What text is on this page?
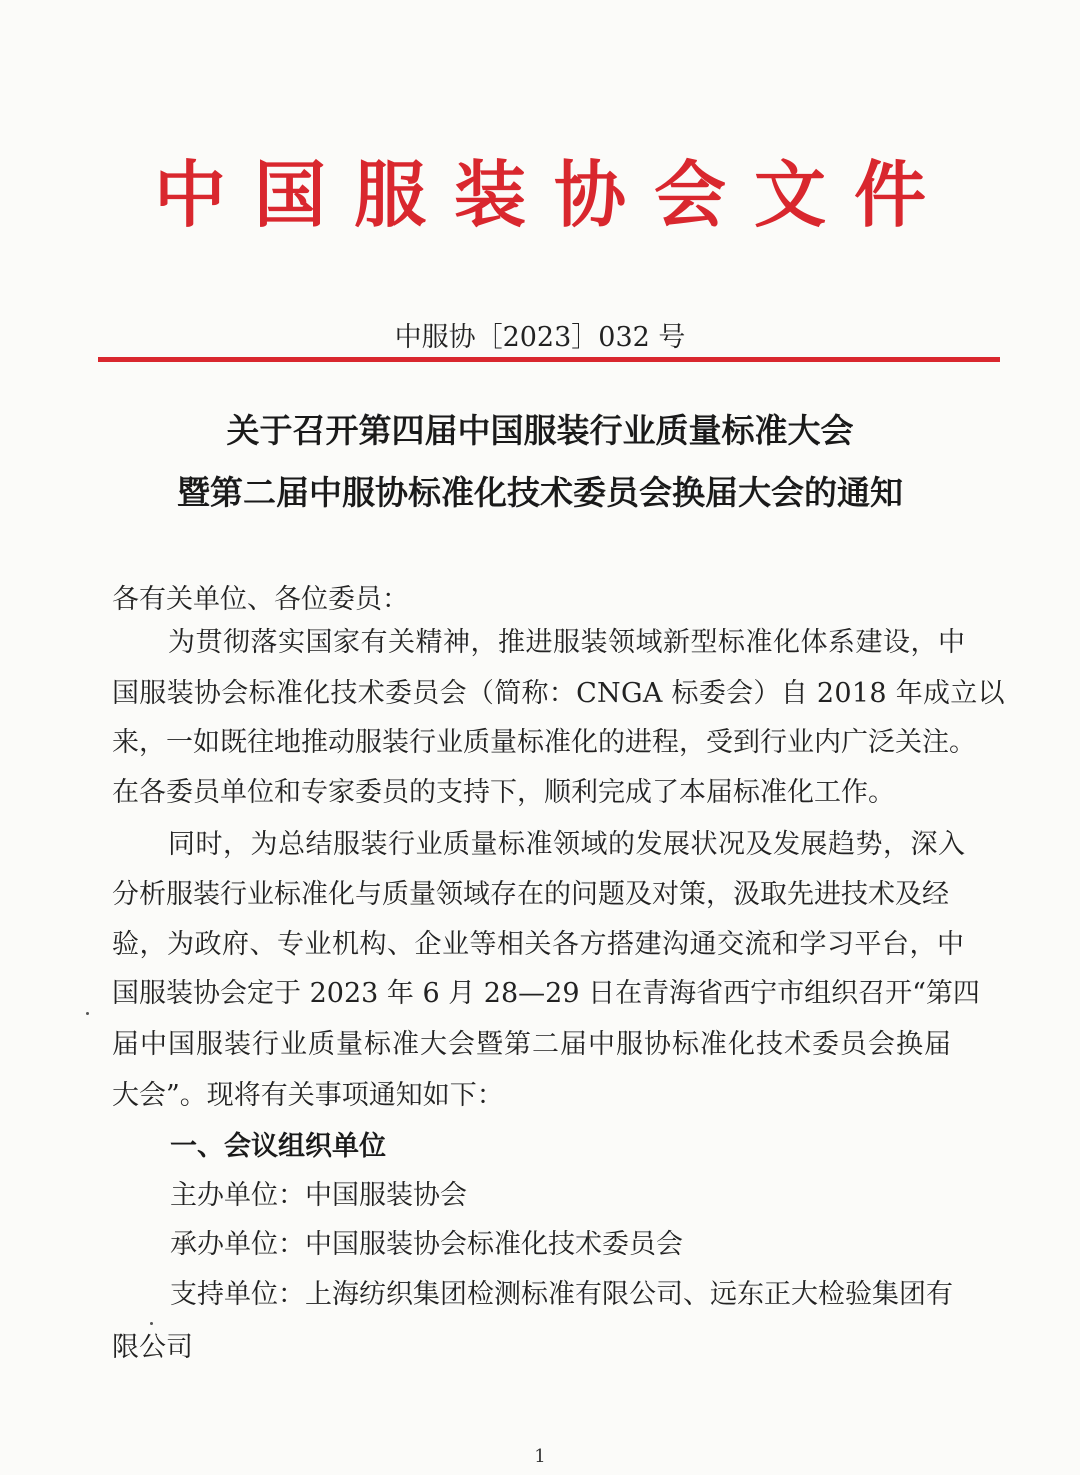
中国服装协会文件
中服协［2023］032 号
关于召开第四届中国服装行业质量标准大会
暨第二届中服协标准化技术委员会换届大会的通知
各有关单位、各位委员：
为贯彻落实国家有关精神，推进服装领域新型标准化体系建设，中
国服装协会标准化技术委员会（简称：CNGA 标委会）自 2018 年成立以
来，一如既往地推动服装行业质量标准化的进程，受到行业内广泛关注。
在各委员单位和专家委员的支持下，顺利完成了本届标准化工作。
同时，为总结服装行业质量标准领域的发展状况及发展趋势，深入
分析服装行业标准化与质量领域存在的问题及对策，汲取先进技术及经
验，为政府、专业机构、企业等相关各方搭建沟通交流和学习平台，中
国服装协会定于 2023 年 6 月 28—29 日在青海省西宁市组织召开“第四
届中国服装行业质量标准大会暨第二届中服协标准化技术委员会换届
大会”。现将有关事项通知如下：
一、会议组织单位
主办单位：中国服装协会
承办单位：中国服装协会标准化技术委员会
支持单位：上海纺织集团检测标准有限公司、远东正大检验集团有
限公司
1
